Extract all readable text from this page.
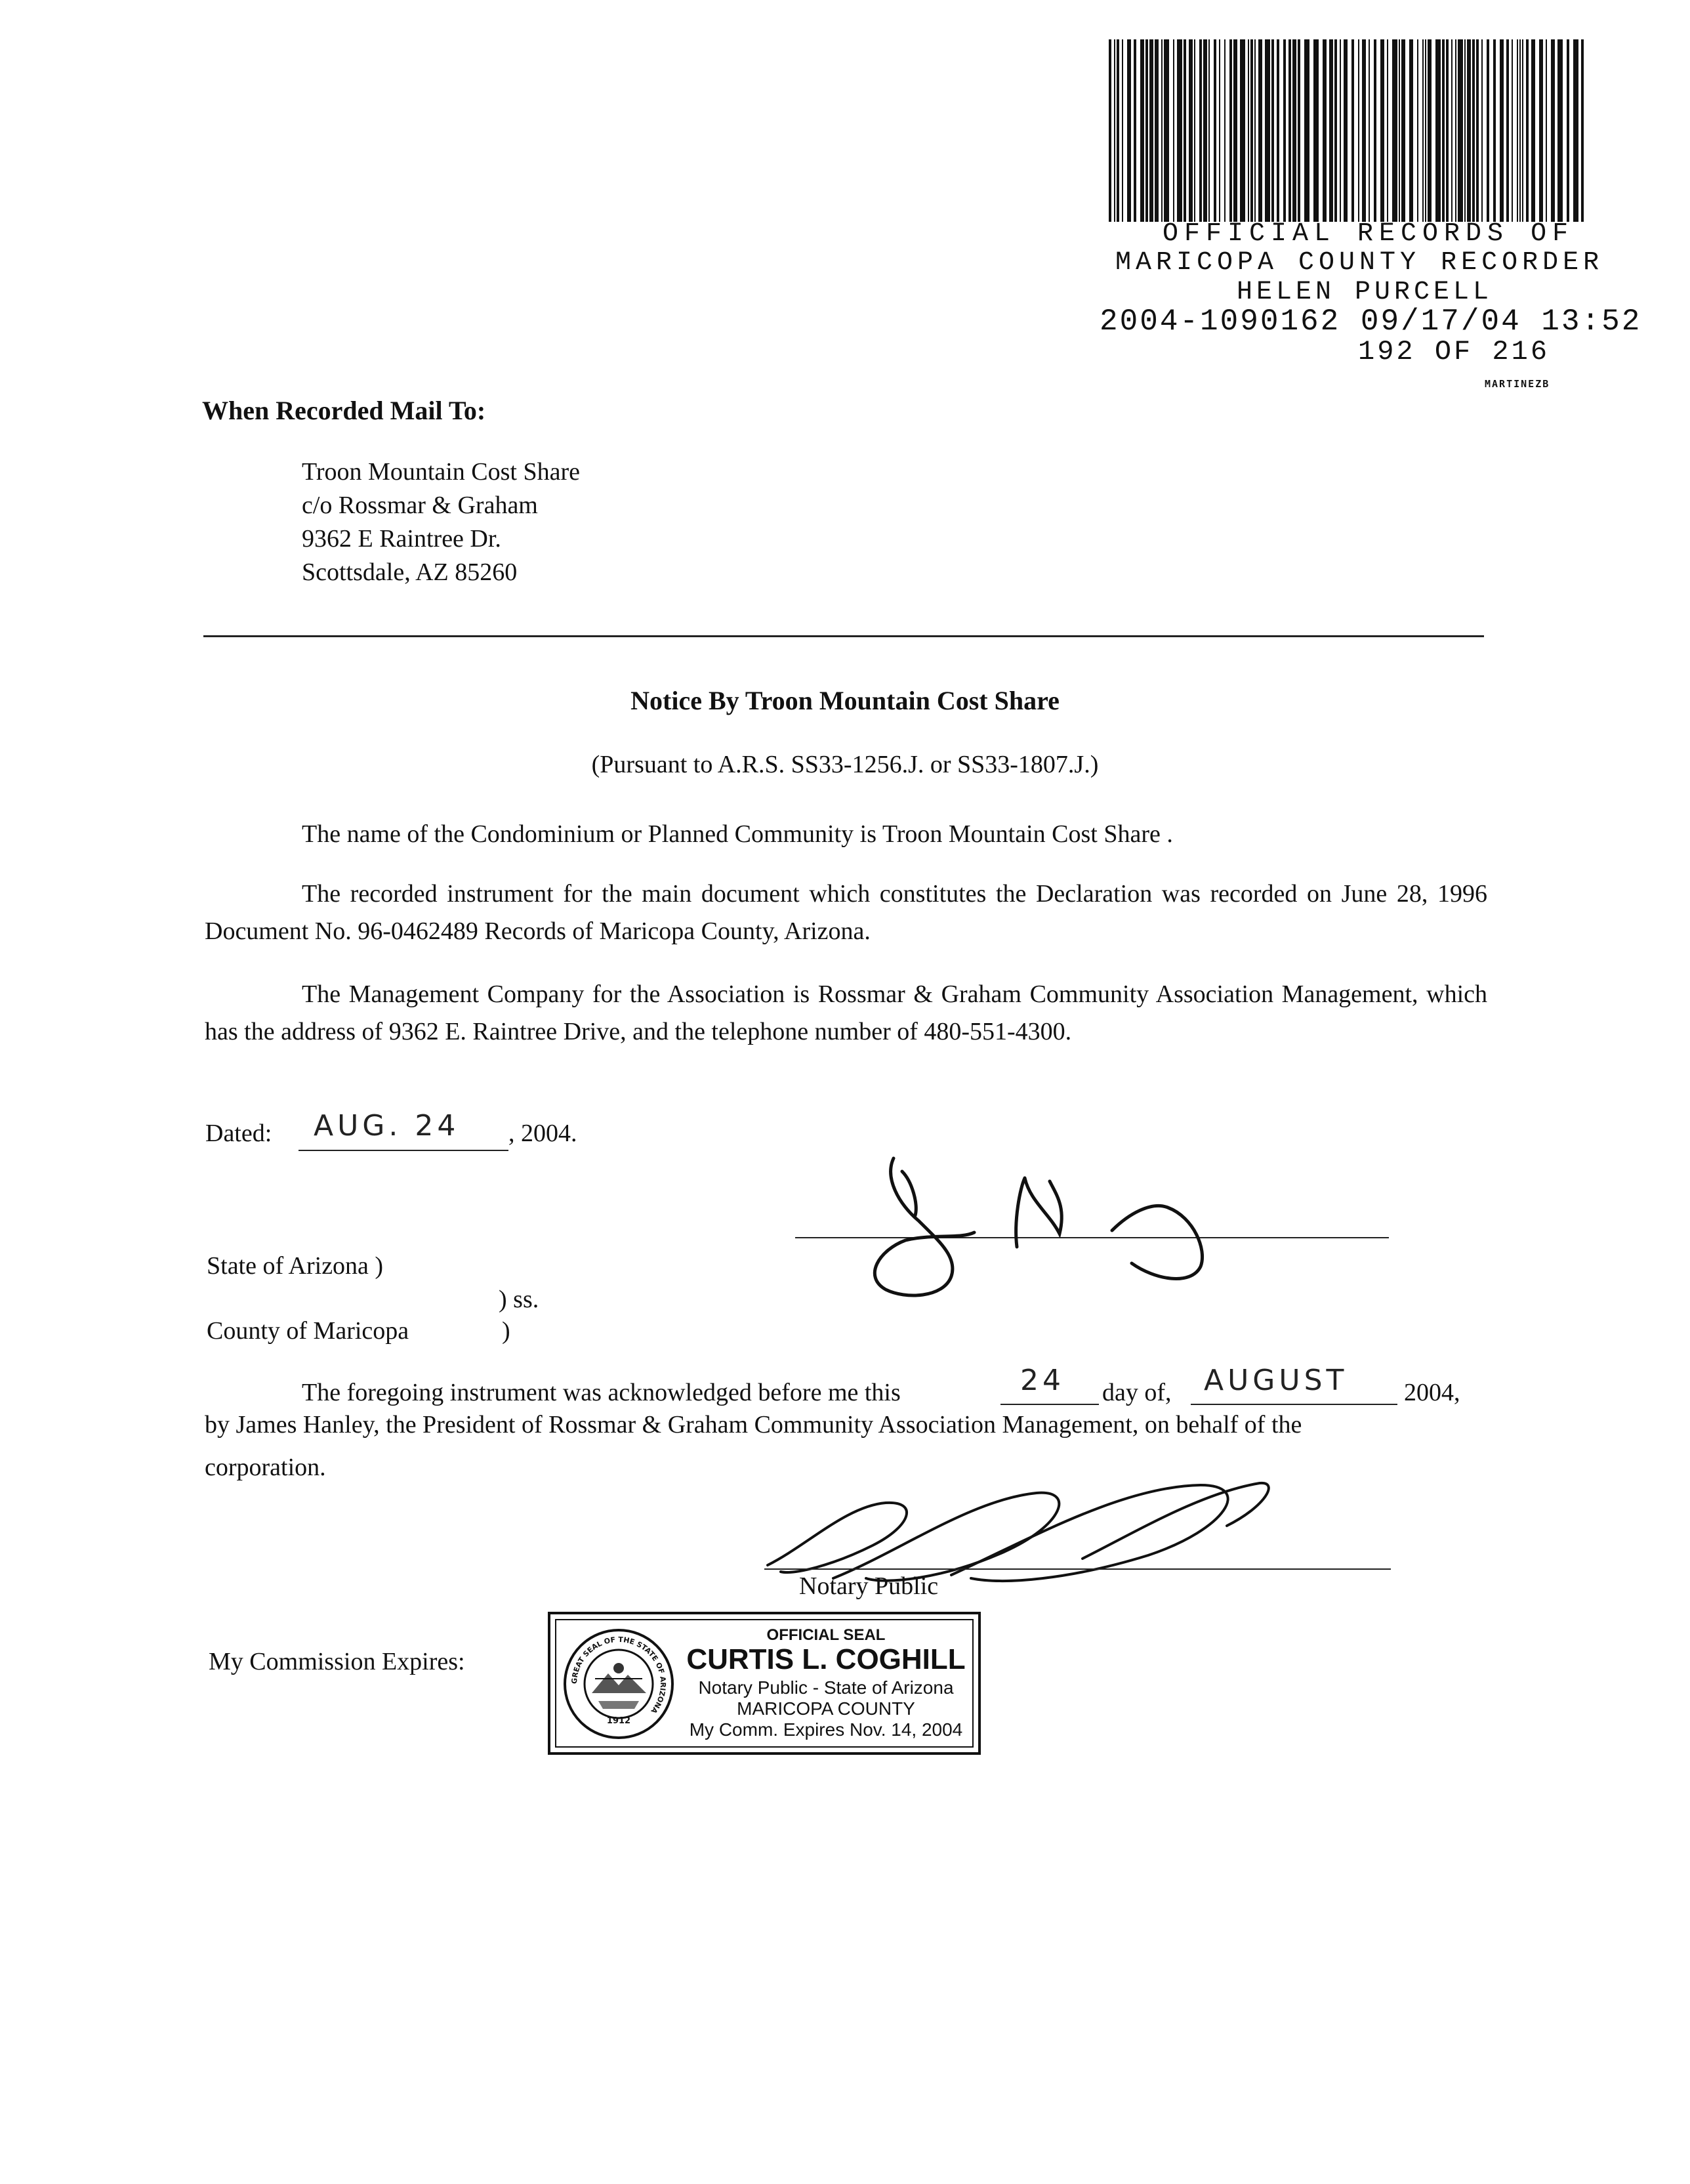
OFFICIAL RECORDS OF
MARICOPA COUNTY RECORDER
HELEN PURCELL
2004-1090162 09/17/04 13:52
192 OF 216
MARTINEZB
When Recorded Mail To:
Troon Mountain Cost Share
c/o Rossmar & Graham
9362 E Raintree Dr.
Scottsdale, AZ 85260
Notice By Troon Mountain Cost Share
(Pursuant to A.R.S. SS33-1256.J. or SS33-1807.J.)
The name of the Condominium or Planned Community is Troon Mountain Cost Share .
The recorded instrument for the main document which constitutes the Declaration was recorded on June 28, 1996 Document No. 96-0462489 Records of Maricopa County, Arizona.
The Management Company for the Association is Rossmar & Graham Community Association Management, which has the address of 9362 E. Raintree Drive, and the telephone number of 480-551-4300.
Dated: AUG. 24 , 2004.
State of Arizona )
) ss.
County of Maricopa	)
The foregoing instrument was acknowledged before me this	24 day of, AUGUST 2004,
by James Hanley, the President of Rossmar & Graham Community Association Management, on behalf of the
corporation.
Notary Public
My Commission Expires:
GREAT SEAL OF THE STATE OF ARIZONA
1912
OFFICIAL SEAL
CURTIS L. COGHILL
Notary Public - State of Arizona
MARICOPA COUNTY
My Comm. Expires Nov. 14, 2004
